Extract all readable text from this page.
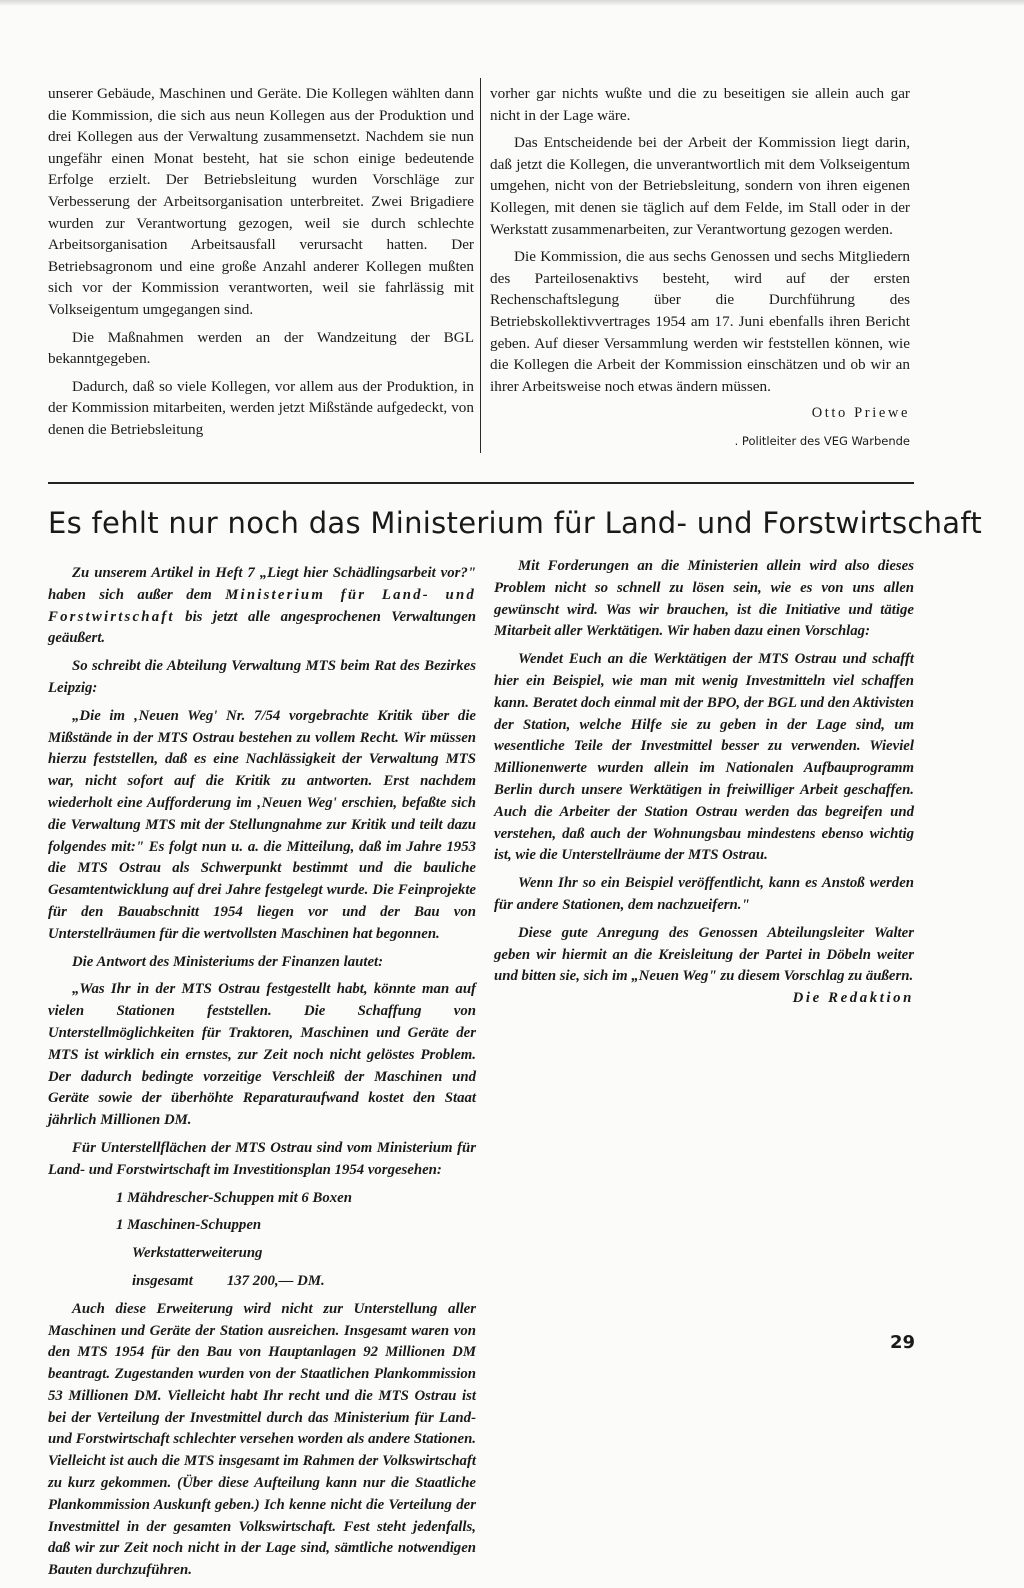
unserer Gebäude, Maschinen und Geräte. Die Kollegen wählten dann die Kommission, die sich aus neun Kollegen aus der Produktion und drei Kollegen aus der Verwaltung zusammensetzt. Nachdem sie nun ungefähr einen Monat besteht, hat sie schon einige bedeutende Erfolge erzielt. Der Betriebsleitung wurden Vorschläge zur Verbesserung der Arbeitsorganisation unterbreitet. Zwei Brigadiere wurden zur Verantwortung gezogen, weil sie durch schlechte Arbeitsorganisation Arbeitsausfall verursacht hatten. Der Betriebsagronom und eine große Anzahl anderer Kollegen mußten sich vor der Kommission verantworten, weil sie fahrlässig mit Volkseigentum umgegangen sind.

Die Maßnahmen werden an der Wandzeitung der BGL bekanntgegeben.

Dadurch, daß so viele Kollegen, vor allem aus der Produktion, in der Kommission mitarbeiten, werden jetzt Mißstände aufgedeckt, von denen die Betriebsleitung

vorher gar nichts wußte und die zu beseitigen sie allein auch gar nicht in der Lage wäre.

Das Entscheidende bei der Arbeit der Kommission liegt darin, daß jetzt die Kollegen, die unverantwortlich mit dem Volkseigentum umgehen, nicht von der Betriebsleitung, sondern von ihren eigenen Kollegen, mit denen sie täglich auf dem Felde, im Stall oder in der Werkstatt zusammenarbeiten, zur Verantwortung gezogen werden.

Die Kommission, die aus sechs Genossen und sechs Mitgliedern des Parteilosenaktivs besteht, wird auf der ersten Rechenschaftslegung über die Durchführung des Betriebskollektivvertrages 1954 am 17. Juni ebenfalls ihren Bericht geben. Auf dieser Versammlung werden wir feststellen können, wie die Kollegen die Arbeit der Kommission einschätzen und ob wir an ihrer Arbeitsweise noch etwas ändern müssen.

Otto Priewe

. Politleiter des VEG Warbende

Es fehlt nur noch das Ministerium für Land- und Forstwirtschaft

Zu unserem Artikel in Heft 7 „Liegt hier Schädlingsarbeit vor?" haben sich außer dem Ministerium für Land- und Forstwirtschaft bis jetzt alle angesprochenen Verwaltungen geäußert.

So schreibt die Abteilung Verwaltung MTS beim Rat des Bezirkes Leipzig:

„Die im ‚Neuen Weg' Nr. 7/54 vorgebrachte Kritik über die Mißstände in der MTS Ostrau bestehen zu vollem Recht. Wir müssen hierzu feststellen, daß es eine Nachlässigkeit der Verwaltung MTS war, nicht sofort auf die Kritik zu antworten. Erst nachdem wiederholt eine Aufforderung im ‚Neuen Weg' erschien, befaßte sich die Verwaltung MTS mit der Stellungnahme zur Kritik und teilt dazu folgendes mit:" Es folgt nun u. a. die Mitteilung, daß im Jahre 1953 die MTS Ostrau als Schwerpunkt bestimmt und die bauliche Gesamtentwicklung auf drei Jahre festgelegt wurde. Die Feinprojekte für den Bauabschnitt 1954 liegen vor und der Bau von Unterstellräumen für die wertvollsten Maschinen hat begonnen.

Die Antwort des Ministeriums der Finanzen lautet:

„Was Ihr in der MTS Ostrau festgestellt habt, könnte man auf vielen Stationen feststellen. Die Schaffung von Unterstellmöglichkeiten für Traktoren, Maschinen und Geräte der MTS ist wirklich ein ernstes, zur Zeit noch nicht gelöstes Problem. Der dadurch bedingte vorzeitige Verschleiß der Maschinen und Geräte sowie der überhöhte Reparaturaufwand kostet den Staat jährlich Millionen DM.

Für Unterstellflächen der MTS Ostrau sind vom Ministerium für Land- und Forstwirtschaft im Investitionsplan 1954 vorgesehen:

1 Mähdrescher-Schuppen mit 6 Boxen

1 Maschinen-Schuppen

Werkstatterweiterung

insgesamt 137 200,— DM.

Auch diese Erweiterung wird nicht zur Unterstellung aller Maschinen und Geräte der Station ausreichen. Insgesamt waren von den MTS 1954 für den Bau von Hauptanlagen 92 Millionen DM beantragt. Zugestanden wurden von der Staatlichen Plankommission 53 Millionen DM. Vielleicht habt Ihr recht und die MTS Ostrau ist bei der Verteilung der Investmittel durch das Ministerium für Land- und Forstwirtschaft schlechter versehen worden als andere Stationen. Vielleicht ist auch die MTS insgesamt im Rahmen der Volkswirtschaft zu kurz gekommen. (Über diese Aufteilung kann nur die Staatliche Plankommission Auskunft geben.) Ich kenne nicht die Verteilung der Investmittel in der gesamten Volkswirtschaft. Fest steht jedenfalls, daß wir zur Zeit noch nicht in der Lage sind, sämtliche notwendigen Bauten durchzuführen.

Mit Forderungen an die Ministerien allein wird also dieses Problem nicht so schnell zu lösen sein, wie es von uns allen gewünscht wird. Was wir brauchen, ist die Initiative und tätige Mitarbeit aller Werktätigen. Wir haben dazu einen Vorschlag:

Wendet Euch an die Werktätigen der MTS Ostrau und schafft hier ein Beispiel, wie man mit wenig Investmitteln viel schaffen kann. Beratet doch einmal mit der BPO, der BGL und den Aktivisten der Station, welche Hilfe sie zu geben in der Lage sind, um wesentliche Teile der Investmittel besser zu verwenden. Wieviel Millionenwerte wurden allein im Nationalen Aufbauprogramm Berlin durch unsere Werktätigen in freiwilliger Arbeit geschaffen. Auch die Arbeiter der Station Ostrau werden das begreifen und verstehen, daß auch der Wohnungsbau mindestens ebenso wichtig ist, wie die Unterstellräume der MTS Ostrau.

Wenn Ihr so ein Beispiel veröffentlicht, kann es Anstoß werden für andere Stationen, dem nachzueifern."

Diese gute Anregung des Genossen Abteilungsleiter Walter geben wir hiermit an die Kreisleitung der Partei in Döbeln weiter und bitten sie, sich im „Neuen Weg" zu diesem Vorschlag zu äußern.
Die Redaktion

29
